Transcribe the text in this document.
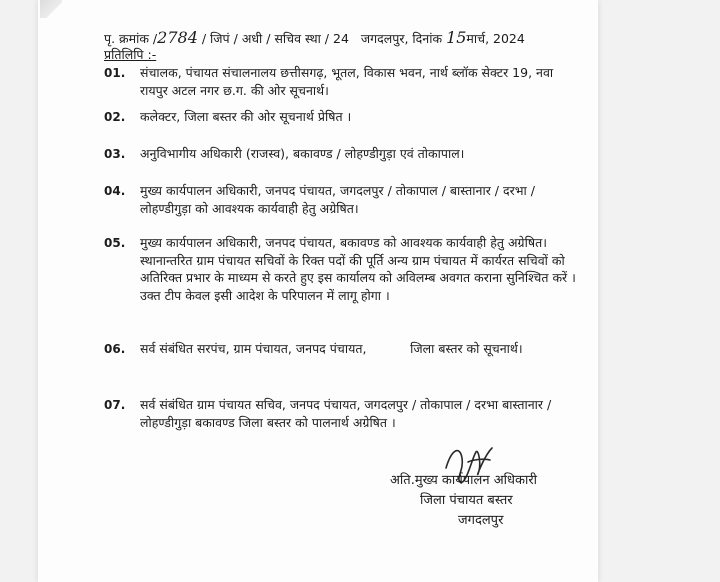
पृ. क्रमांक /2784 / जिपं / अधी / सचिव स्था / 24 जगदलपुर, दिनांक 15मार्च, 2024
प्रतिलिपि :-
01. संचालक, पंचायत संचालनालय छत्तीसगढ़, भूतल, विकास भवन, नार्थ ब्लॉक सेक्टर 19, नवा रायपुर अटल नगर छ.ग. की ओर सूचनार्थ।
02. कलेक्टर, जिला बस्तर की ओर सूचनार्थ प्रेषित ।
03. अनुविभागीय अधिकारी (राजस्व), बकावण्ड / लोहण्डीगुड़ा एवं तोकापाल।
04. मुख्य कार्यपालन अधिकारी, जनपद पंचायत, जगदलपुर / तोकापाल / बास्तानार / दरभा / लोहण्डीगुड़ा को आवश्यक कार्यवाही हेतु अग्रेषित।
05. मुख्य कार्यपालन अधिकारी, जनपद पंचायत, बकावण्ड को आवश्यक कार्यवाही हेतु अग्रेषित। स्थानान्तरित ग्राम पंचायत सचिवों के रिक्त पदों की पूर्ति अन्य ग्राम पंचायत में कार्यरत सचिवों को अतिरिक्त प्रभार के माध्यम से करते हुए इस कार्यालय को अविलम्ब अवगत कराना सुनिश्चित करें । उक्त टीप केवल इसी आदेश के परिपालन में लागू होगा ।
06. सर्व संबंधित सरपंच, ग्राम पंचायत, जनपद पंचायत,           जिला बस्तर को सूचनार्थ।
07. सर्व संबंधित ग्राम पंचायत सचिव, जनपद पंचायत, जगदलपुर / तोकापाल / दरभा बास्तानार / लोहण्डीगुड़ा बकावण्ड जिला बस्तर को पालनार्थ अग्रेषित ।
अति.मुख्य कार्यपालन अधिकारी
जिला पंचायत बस्तर
जगदलपुर
